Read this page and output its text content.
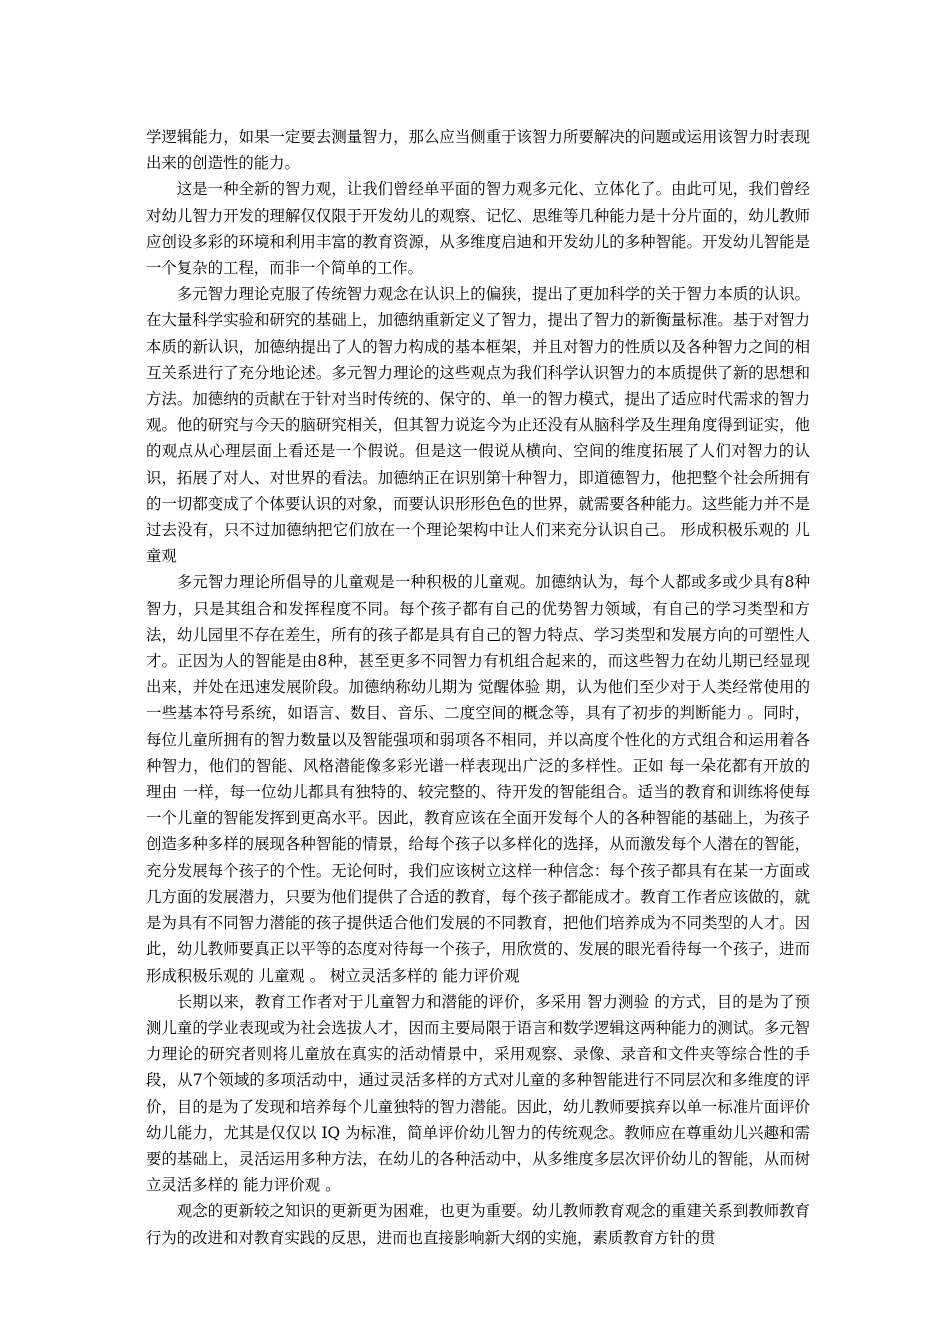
学逻辑能力，如果一定要去测量智力，那么应当侧重于该智力所要解决的问题或运用该智力时表现出来的创造性的能力。

这是一种全新的智力观，让我们曾经单平面的智力观多元化、立体化了。由此可见，我们曾经对幼儿智力开发的理解仅仅限于开发幼儿的观察、记忆、思维等几种能力是十分片面的，幼儿教师应创设多彩的环境和利用丰富的教育资源，从多维度启迪和开发幼儿的多种智能。开发幼儿智能是一个复杂的工程，而非一个简单的工作。

多元智力理论克服了传统智力观念在认识上的偏狭，提出了更加科学的关于智力本质的认识。在大量科学实验和研究的基础上，加德纳重新定义了智力，提出了智力的新衡量标准。基于对智力本质的新认识，加德纳提出了人的智力构成的基本框架，并且对智力的性质以及各种智力之间的相互关系进行了充分地论述。多元智力理论的这些观点为我们科学认识智力的本质提供了新的思想和方法。加德纳的贡献在于针对当时传统的、保守的、单一的智力模式，提出了适应时代需求的智力观。他的研究与今天的脑研究相关，但其智力说迄今为止还没有从脑科学及生理角度得到证实，他的观点从心理层面上看还是一个假说。但是这一假说从横向、空间的维度拓展了人们对智力的认识，拓展了对人、对世界的看法。加德纳正在识别第十种智力，即道德智力，他把整个社会所拥有的一切都变成了个体要认识的对象，而要认识形形色色的世界，就需要各种能力。这些能力并不是过去没有，只不过加德纳把它们放在一个理论架构中让人们来充分认识自己。 形成积极乐观的 儿童观

多元智力理论所倡导的儿童观是一种积极的儿童观。加德纳认为，每个人都或多或少具有8种智力，只是其组合和发挥程度不同。每个孩子都有自己的优势智力领域，有自己的学习类型和方法，幼儿园里不存在差生，所有的孩子都是具有自己的智力特点、学习类型和发展方向的可塑性人才。正因为人的智能是由8种，甚至更多不同智力有机组合起来的，而这些智力在幼儿期已经显现出来，并处在迅速发展阶段。加德纳称幼儿期为 觉醒体验 期，认为他们至少对于人类经常使用的一些基本符号系统，如语言、数目、音乐、二度空间的概念等，具有了初步的判断能力 。同时，每位儿童所拥有的智力数量以及智能强项和弱项各不相同，并以高度个性化的方式组合和运用着各种智力，他们的智能、风格潜能像多彩光谱一样表现出广泛的多样性。正如 每一朵花都有开放的理由 一样，每一位幼儿都具有独特的、较完整的、待开发的智能组合。适当的教育和训练将使每一个儿童的智能发挥到更高水平。因此，教育应该在全面开发每个人的各种智能的基础上，为孩子创造多种多样的展现各种智能的情景，给每个孩子以多样化的选择，从而激发每个人潜在的智能，充分发展每个孩子的个性。无论何时，我们应该树立这样一种信念：每个孩子都具有在某一方面或几方面的发展潜力，只要为他们提供了合适的教育，每个孩子都能成才。教育工作者应该做的，就是为具有不同智力潜能的孩子提供适合他们发展的不同教育，把他们培养成为不同类型的人才。因此，幼儿教师要真正以平等的态度对待每一个孩子，用欣赏的、发展的眼光看待每一个孩子，进而形成积极乐观的 儿童观 。 树立灵活多样的 能力评价观

长期以来，教育工作者对于儿童智力和潜能的评价，多采用 智力测验 的方式，目的是为了预测儿童的学业表现或为社会选拔人才，因而主要局限于语言和数学逻辑这两种能力的测试。多元智力理论的研究者则将儿童放在真实的活动情景中，采用观察、录像、录音和文件夹等综合性的手段，从7个领域的多项活动中，通过灵活多样的方式对儿童的多种智能进行不同层次和多维度的评价，目的是为了发现和培养每个儿童独特的智力潜能。因此，幼儿教师要摈弃以单一标准片面评价幼儿能力，尤其是仅仅以 IQ 为标准，简单评价幼儿智力的传统观念。教师应在尊重幼儿兴趣和需要的基础上，灵活运用多种方法，在幼儿的各种活动中，从多维度多层次评价幼儿的智能，从而树立灵活多样的 能力评价观 。

观念的更新较之知识的更新更为困难，也更为重要。幼儿教师教育观念的重建关系到教师教育行为的改进和对教育实践的反思，进而也直接影响新大纲的实施，素质教育方针的贯
